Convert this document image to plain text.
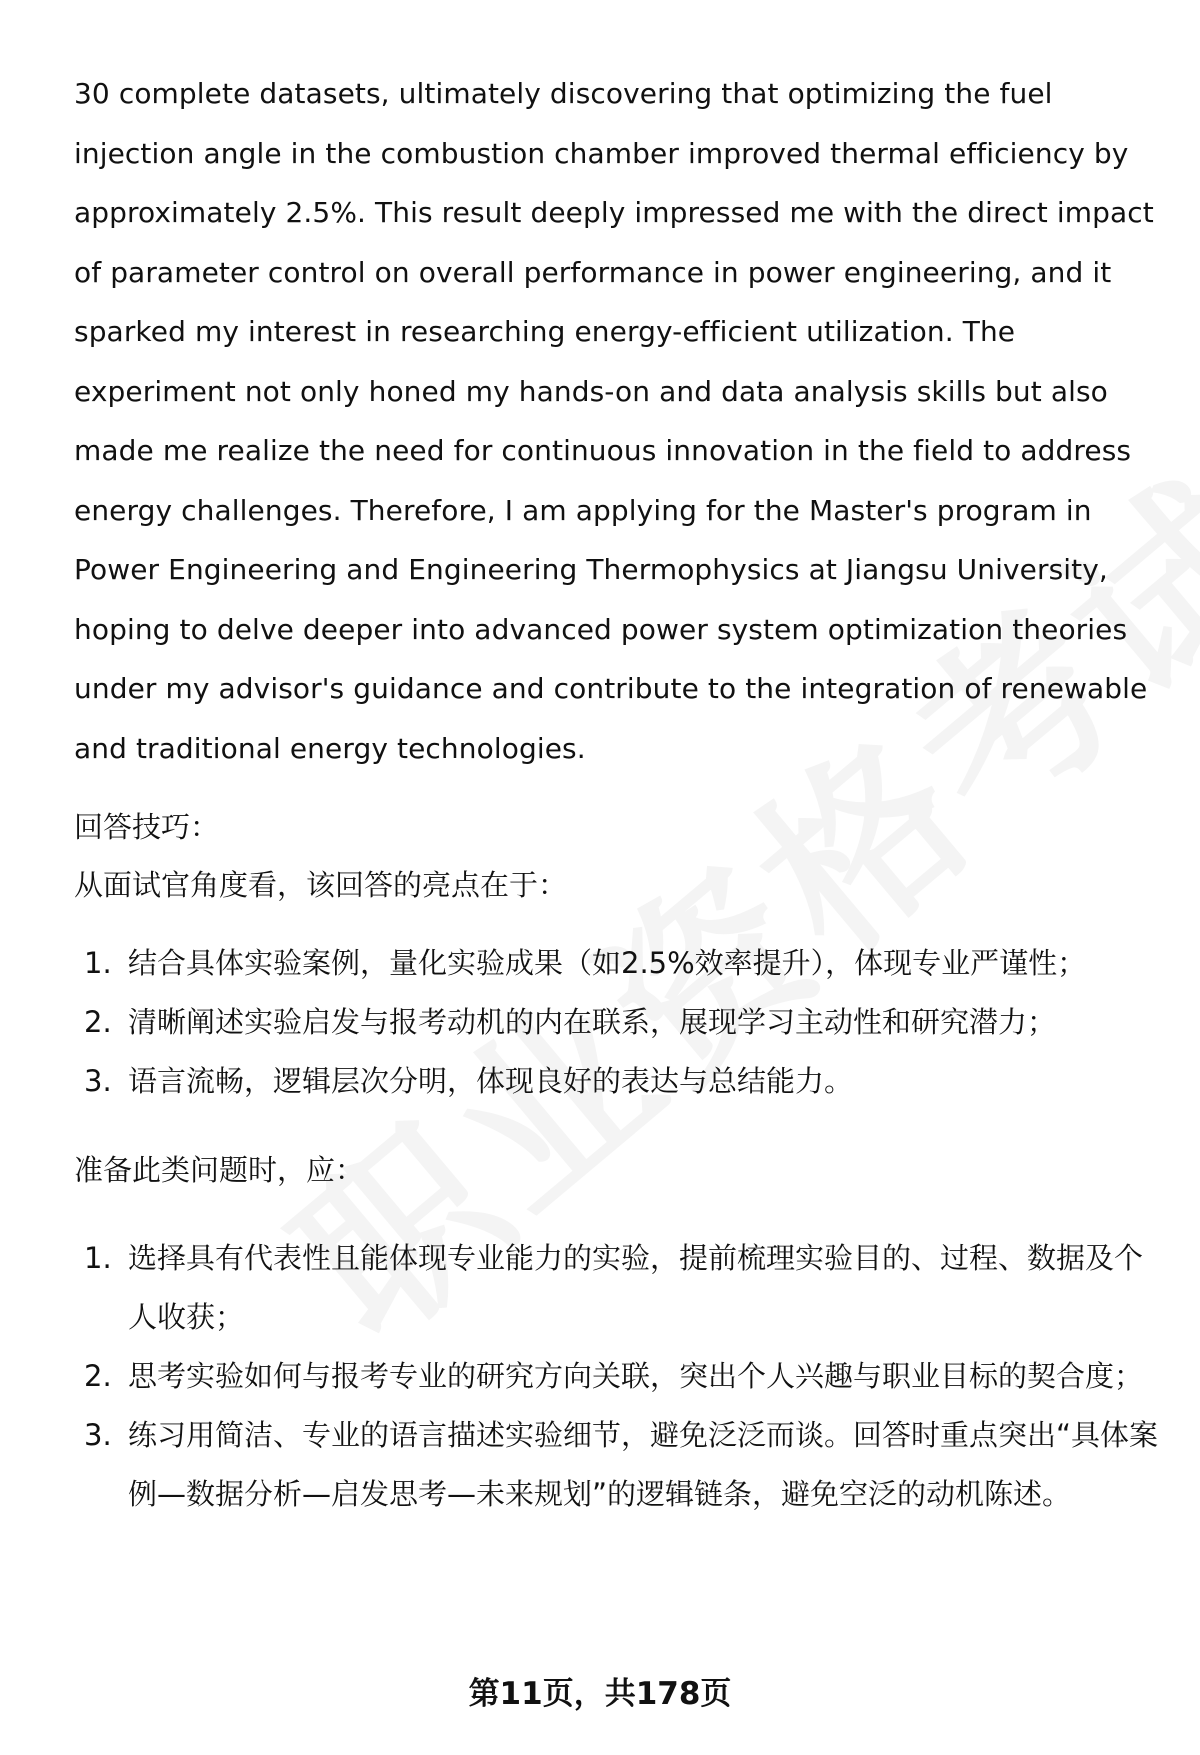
30 complete datasets, ultimately discovering that optimizing the fuel injection angle in the combustion chamber improved thermal efficiency by approximately 2.5%. This result deeply impressed me with the direct impact of parameter control on overall performance in power engineering, and it sparked my interest in researching energy-efficient utilization. The experiment not only honed my hands-on and data analysis skills but also made me realize the need for continuous innovation in the field to address energy challenges. Therefore, I am applying for the Master's program in Power Engineering and Engineering Thermophysics at Jiangsu University, hoping to delve deeper into advanced power system optimization theories under my advisor's guidance and contribute to the integration of renewable and traditional energy technologies.

回答技巧：

从面试官角度看，该回答的亮点在于：

1. 结合具体实验案例，量化实验成果（如2.5%效率提升），体现专业严谨性；
2. 清晰阐述实验启发与报考动机的内在联系，展现学习主动性和研究潜力；
3. 语言流畅，逻辑层次分明，体现良好的表达与总结能力。

准备此类问题时，应：

1. 选择具有代表性且能体现专业能力的实验，提前梳理实验目的、过程、数据及个人收获；
2. 思考实验如何与报考专业的研究方向关联，突出个人兴趣与职业目标的契合度；
3. 练习用简洁、专业的语言描述实验细节，避免泛泛而谈。回答时重点突出“具体案例—数据分析—启发思考—未来规划”的逻辑链条，避免空泛的动机陈述。
第11页，共178页
